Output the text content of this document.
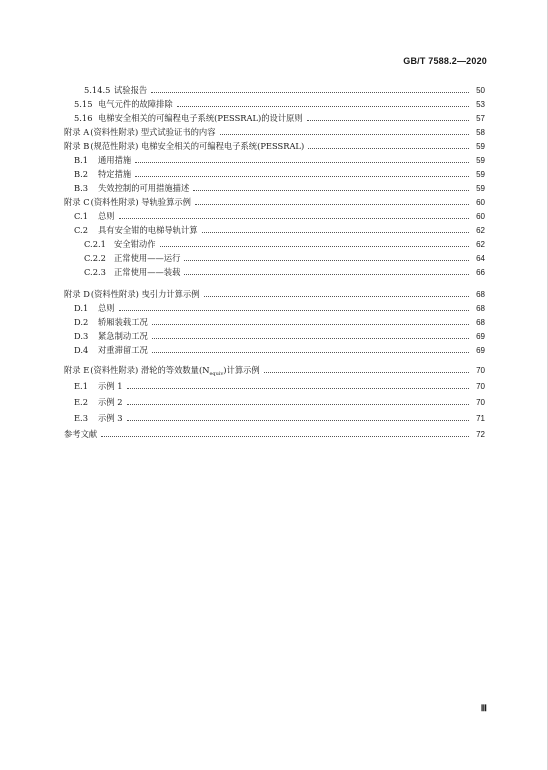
GB/T 7588.2—2020
5.14.5 试验报告	50
5.15 电气元件的故障排除	53
5.16 电梯安全相关的可编程电子系统(PESSRAL)的设计原则	57
附录 A (资料性附录) 型式试验证书的内容	58
附录 B (规范性附录) 电梯安全相关的可编程电子系统(PESSRAL)	59
B.1	通用措施	59
B.2	特定措施	59
B.3	失效控制的可用措施描述	59
附录 C (资料性附录) 导轨验算示例	60
C.1	总则	60
C.2	具有安全钳的电梯导轨计算	62
C.2.1 安全钳动作	62
C.2.2 正常使用——运行	64
C.2.3 正常使用——装载	66
附录 D (资料性附录) 曳引力计算示例	68
D.1	总则	68
D.2	轿厢装载工况	68
D.3	紧急制动工况	69
D.4	对重滞留工况	69
附录 E (资料性附录) 滑轮的等效数量$(N_{equiv})$计算示例	70
E.1	示例 1	70
E.2	示例 2	70
E.3	示例 3	71
参考文献	72
Ⅲ
